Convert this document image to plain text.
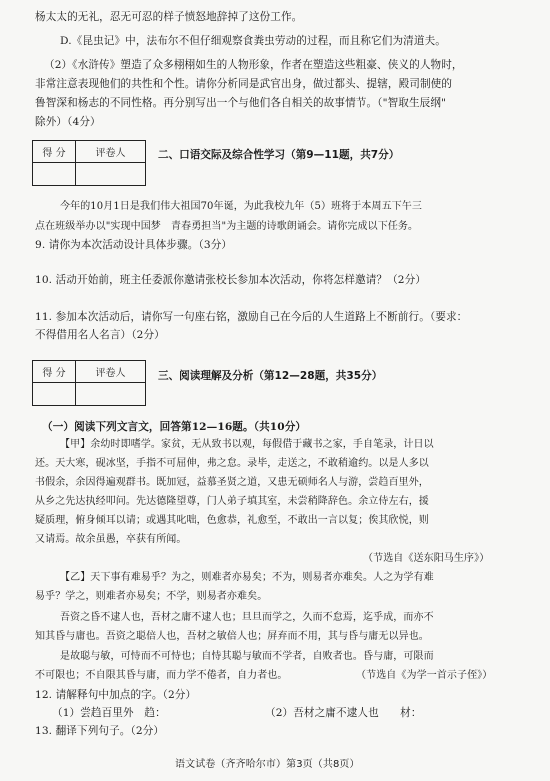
杨太太的无礼，忍无可忍的样子愤怒地辞掉了这份工作。
D.《昆虫记》中，法布尔不但仔细观察食粪虫劳动的过程，而且称它们为清道夫。
（2）《水浒传》塑造了众多栩栩如生的人物形象，作者在塑造这些粗豪、侠义的人物时，
非常注意表现他们的共性和个性。请你分析同是武官出身，做过都头、提辖，殿司制使的
鲁智深和杨志的不同性格。再分别写出一个与他们各自相关的故事情节。（"智取生辰纲"
除外）（4分）
得 分	评卷人
		二、口语交际及综合性学习（第9—11题，共7分）
今年的10月1日是我们伟大祖国70年诞，为此我校九年（5）班将于本周五下午三
点在班级举办以"实现中国梦　青春勇担当"为主题的诗歌朗诵会。请你完成以下任务。
9. 请你为本次活动设计具体步骤。（3分）
10. 活动开始前，班主任委派你邀请张校长参加本次活动，你将怎样邀请？（2分）
11. 参加本次活动后，请你写一句座右铭，激励自己在今后的人生道路上不断前行。（要求：
不得借用名人名言）（2分）
得 分	评卷人
		三、阅读理解及分析（第12—28题，共35分）
（一）阅读下列文言文，回答第12—16题。（共10分）
【甲】余幼时即嗜学。家贫，无从致书以观，每假借于藏书之家，手自笔录，计日以
还。天大寒，砚冰坚，手指不可屈伸，弗之怠。录毕，走送之，不敢稍逾约。以是人多以
书假余，余因得遍观群书。既加冠，益慕圣贤之道，又患无硕师名人与游，尝趋百里外，
从乡之先达执经叩问。先达德隆望尊，门人弟子填其室，未尝稍降辞色。余立侍左右，援
疑质理，俯身倾耳以请；或遇其叱咄，色愈恭，礼愈至，不敢出一言以复；俟其欣悦，则
又请焉。故余虽愚，卒获有所闻。
（节选自《送东阳马生序》）
【乙】天下事有难易乎？为之，则难者亦易矣；不为，则易者亦难矣。人之为学有难
易乎？学之，则难者亦易矣；不学，则易者亦难矣。
吾资之昏不逮人也，吾材之庸不逮人也；旦旦而学之，久而不怠焉，迄乎成，而亦不
知其昏与庸也。吾资之聪倍人也，吾材之敏倍人也；屏弃而不用，其与昏与庸无以异也。
是故聪与敏，可恃而不可恃也；自恃其聪与敏而不学者，自败者也。昏与庸，可限而
不可限也；不自限其昏与庸，而力学不倦者，自力者也。	（节选自《为学一首示子侄》）
12. 请解释句中加点的字。（2分）
（1）尝趋百里外　趋：	（2）吾材之庸不逮人也　　材：
13. 翻译下列句子。（2分）
语文试卷（齐齐哈尔市）第3页（共8页）
